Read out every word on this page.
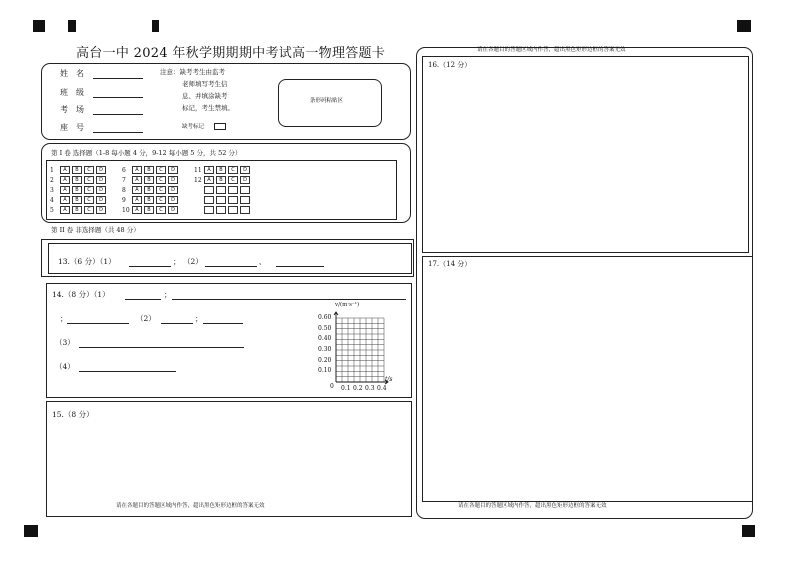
高台一中 2024 年秋学期期期中考试高一物理答题卡
姓　名
班　级
考　场
座　号
注意：缺考考生由监考
老师填写考生信
息、并填涂缺考
标记，考生禁填。
缺考标记
条形码粘贴区
第 I 卷 选择题（1-8 每小题 4 分，9-12 每小题 5 分，共 52 分）
1 A B C D
2 A B C D
3 A B C D
4 A B C D
5 A B C D
6 A B C D
7 A B C D
8 A B C D
9 A B C D
10 A B C D
11 A B C D
12 A B C D
第 II 卷 非选择题（共 48 分）
13.（6 分）（1）	； （2）	、
14.（8 分）（1）	；
；	（2）	；
（3）
（4）
v/(m·s⁻¹)
t/s
0
0.60
0.50
0.40
0.30
0.20
0.10
0.1 0.2 0.3 0.4
15.（8 分）
请在各题目的答题区域内作答，超出黑色矩形边框的答案无效
请在各题目的答题区域内作答，超出黑色矩形边框的答案无效
16.（12 分）
17.（14 分）
请在各题目的答题区域内作答，超出黑色矩形边框的答案无效
